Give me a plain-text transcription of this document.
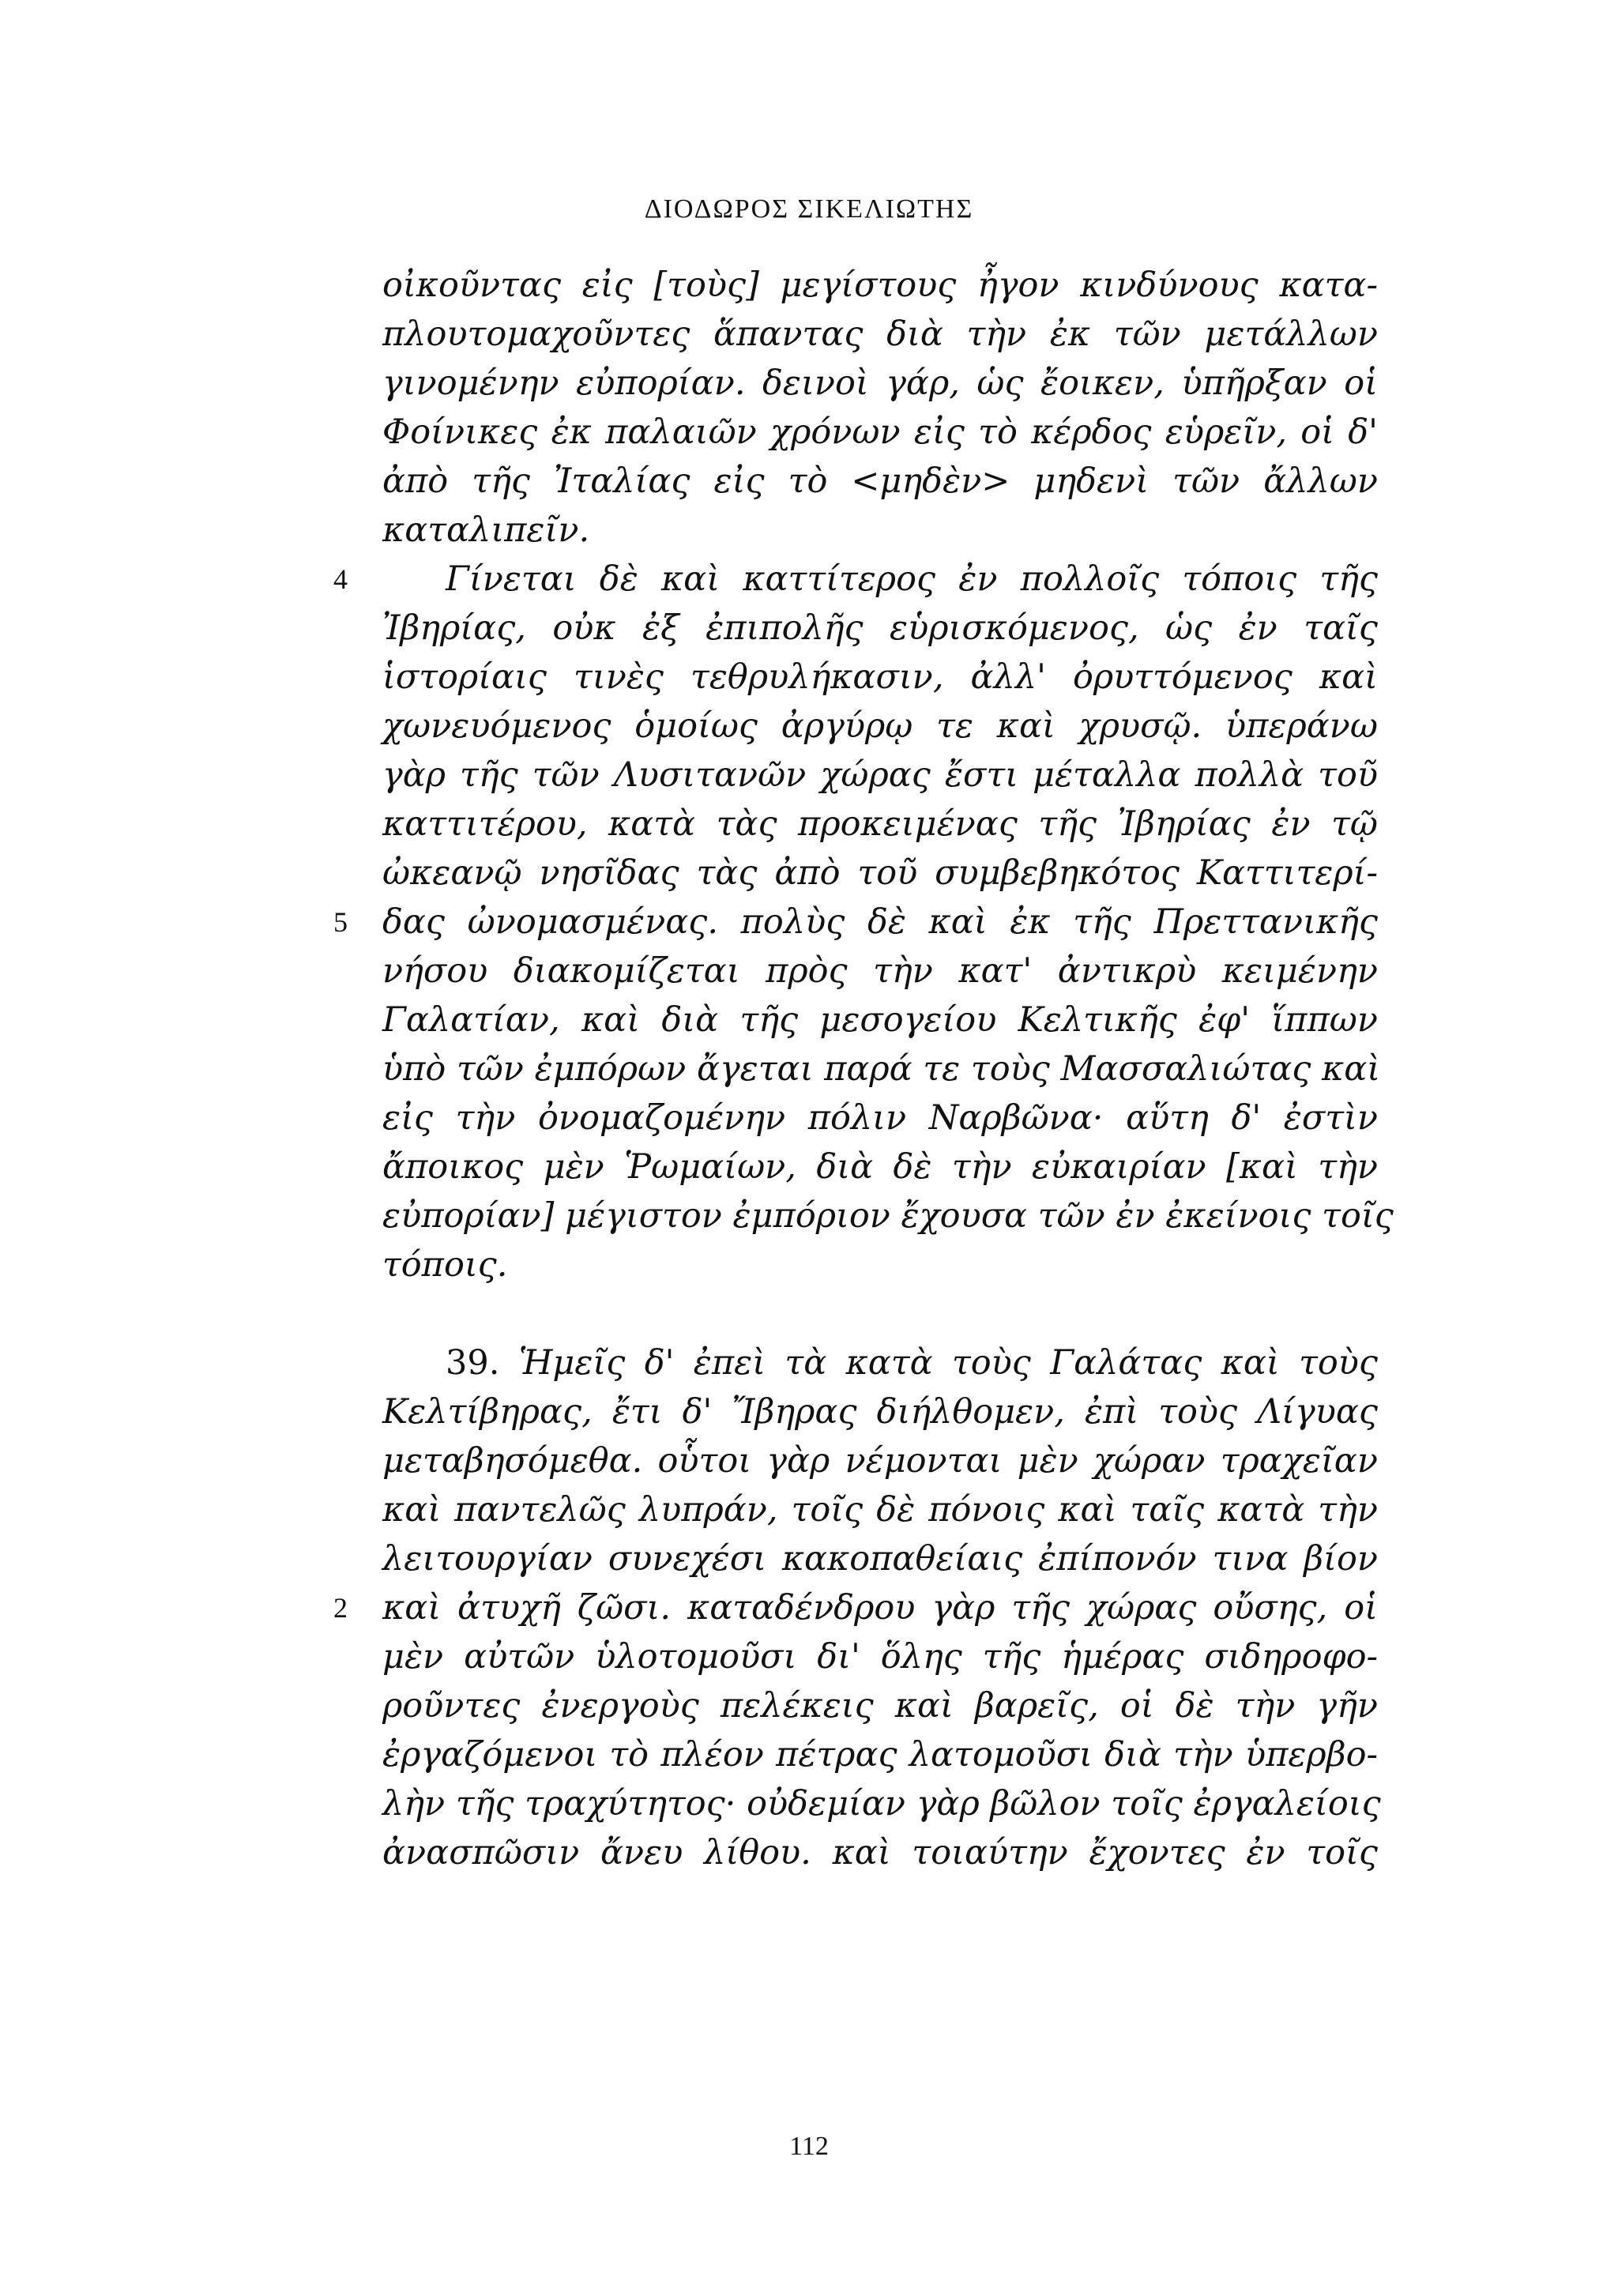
ΔΙΟΔΩΡΟΣ ΣΙΚΕΛΙΩΤΗΣ
οἰκοῦντας εἰς [τοὺς] μεγίστους ἦγον κινδύνους κατα-
πλουτομαχοῦντες ἅπαντας διὰ τὴν ἐκ τῶν μετάλλων
γινομένην εὐπορίαν. δεινοὶ γάρ, ὡς ἔοικεν, ὑπῆρξαν οἱ
Φοίνικες ἐκ παλαιῶν χρόνων εἰς τὸ κέρδος εὑρεῖν, οἱ δ'
ἀπὸ τῆς Ἰταλίας εἰς τὸ <μηδὲν> μηδενὶ τῶν ἄλλων
καταλιπεῖν.
4	Γίνεται δὲ καὶ καττίτερος ἐν πολλοῖς τόποις τῆς
Ἰβηρίας, οὐκ ἐξ ἐπιπολῆς εὑρισκόμενος, ὡς ἐν ταῖς
ἱστορίαις τινὲς τεθρυλήκασιν, ἀλλ' ὀρυττόμενος καὶ
χωνευόμενος ὁμοίως ἀργύρῳ τε καὶ χρυσῷ. ὑπεράνω
γὰρ τῆς τῶν Λυσιτανῶν χώρας ἔστι μέταλλα πολλὰ τοῦ
καττιτέρου, κατὰ τὰς προκειμένας τῆς Ἰβηρίας ἐν τῷ
ὠκεανῷ νησῖδας τὰς ἀπὸ τοῦ συμβεβηκότος Καττιτερί-
5 δας ὠνομασμένας. πολὺς δὲ καὶ ἐκ τῆς Πρεττανικῆς
νήσου διακομίζεται πρὸς τὴν κατ' ἀντικρὺ κειμένην
Γαλατίαν, καὶ διὰ τῆς μεσογείου Κελτικῆς ἐφ' ἵππων
ὑπὸ τῶν ἐμπόρων ἄγεται παρά τε τοὺς Μασσαλιώτας καὶ
εἰς τὴν ὀνομαζομένην πόλιν Ναρβῶνα· αὕτη δ' ἐστὶν
ἄποικος μὲν Ῥωμαίων, διὰ δὲ τὴν εὐκαιρίαν [καὶ τὴν
εὐπορίαν] μέγιστον ἐμπόριον ἔχουσα τῶν ἐν ἐκείνοις τοῖς
τόποις.
39. Ἡμεῖς δ' ἐπεὶ τὰ κατὰ τοὺς Γαλάτας καὶ τοὺς
Κελτίβηρας, ἔτι δ' Ἴβηρας διήλθομεν, ἐπὶ τοὺς Λίγυας
μεταβησόμεθα. οὗτοι γὰρ νέμονται μὲν χώραν τραχεῖαν
καὶ παντελῶς λυπράν, τοῖς δὲ πόνοις καὶ ταῖς κατὰ τὴν
λειτουργίαν συνεχέσι κακοπαθείαις ἐπίπονόν τινα βίον
2 καὶ ἀτυχῆ ζῶσι. καταδένδρου γὰρ τῆς χώρας οὔσης, οἱ
μὲν αὐτῶν ὑλοτομοῦσι δι' ὅλης τῆς ἡμέρας σιδηροφο-
ροῦντες ἐνεργοὺς πελέκεις καὶ βαρεῖς, οἱ δὲ τὴν γῆν
ἐργαζόμενοι τὸ πλέον πέτρας λατομοῦσι διὰ τὴν ὑπερβο-
λὴν τῆς τραχύτητος· οὐδεμίαν γὰρ βῶλον τοῖς ἐργαλείοις
ἀνασπῶσιν ἄνευ λίθου. καὶ τοιαύτην ἔχοντες ἐν τοῖς
112
